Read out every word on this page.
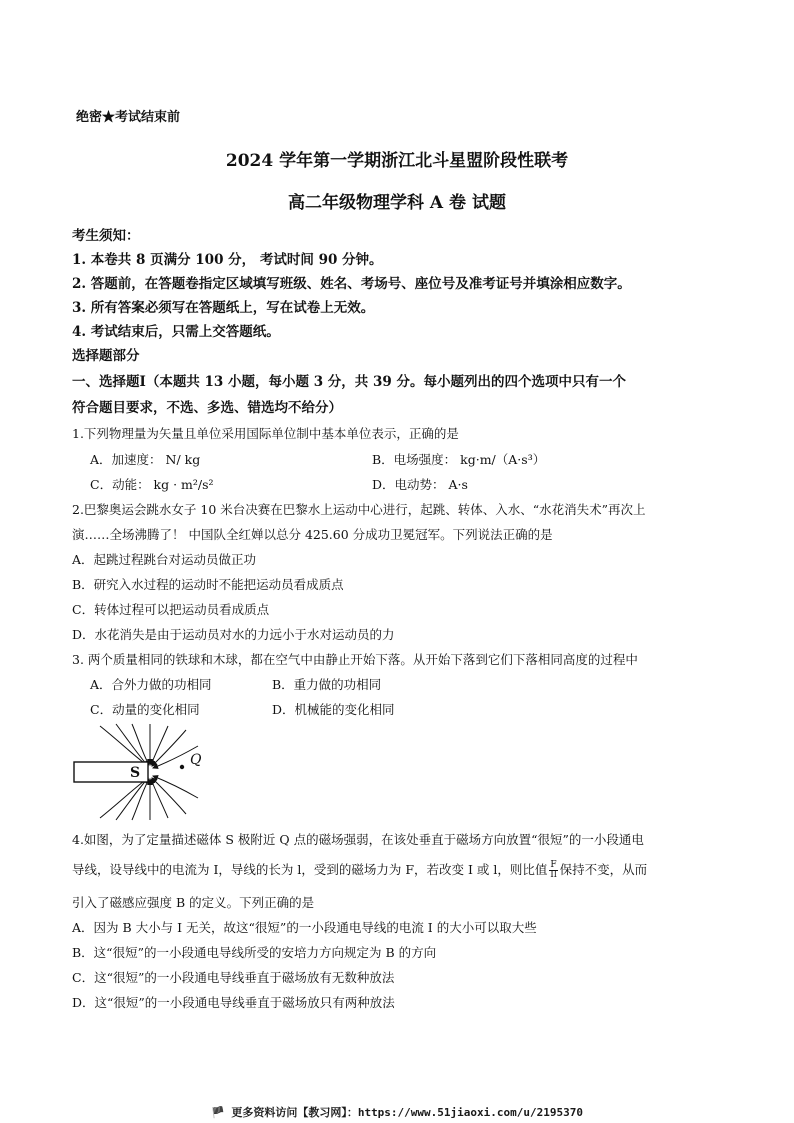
绝密★考试结束前
2024 学年第一学期浙江北斗星盟阶段性联考
高二年级物理学科 A 卷 试题
考生须知：
1. 本卷共 8 页满分 100 分， 考试时间 90 分钟。
2. 答题前，在答题卷指定区域填写班级、姓名、考场号、座位号及准考证号并填涂相应数字。
3. 所有答案必须写在答题纸上，写在试卷上无效。
4. 考试结束后，只需上交答题纸。
选择题部分
一、选择题Ⅰ（本题共 13 小题，每小题 3 分，共 39 分。每小题列出的四个选项中只有一个
符合题目要求，不选、多选、错选均不给分）
1.下列物理量为矢量且单位采用国际单位制中基本单位表示，正确的是
A．加速度： N/ kg	B．电场强度： kg·m/（A·s³）
C．动能： kg · m²/s²	D．电动势： A·s
2.巴黎奥运会跳水女子 10 米台决赛在巴黎水上运动中心进行，起跳、转体、入水、“水花消失术”再次上
演……全场沸腾了！ 中国队全红婵以总分 425.60 分成功卫冕冠军。下列说法正确的是
A．起跳过程跳台对运动员做正功
B．研究入水过程的运动时不能把运动员看成质点
C．转体过程可以把运动员看成质点
D．水花消失是由于运动员对水的力远小于水对运动员的力
3. 两个质量相同的铁球和木球，都在空气中由静止开始下落。从开始下落到它们下落相同高度的过程中
A．合外力做的功相同	B．重力做的功相同
C．动量的变化相同	D．机械能的变化相同
S
Q
4.如图，为了定量描述磁体 S 极附近 Q 点的磁场强弱，在该处垂直于磁场方向放置“很短”的一小段通电
导线，设导线中的电流为 I，导线的长为 l，受到的磁场力为 F，若改变 I 或 l，则比值 $\frac{F}{Il}$ 保持不变，从而
引入了磁感应强度 B 的定义。下列正确的是
A．因为 B 大小与 I 无关，故这“很短”的一小段通电导线的电流 I 的大小可以取大些
B．这“很短”的一小段通电导线所受的安培力方向规定为 B 的方向
C．这“很短”的一小段通电导线垂直于磁场放有无数种放法
D．这“很短”的一小段通电导线垂直于磁场放只有两种放法
🏴 更多资料访问【教习网】：https://www.51jiaoxi.com/u/2195370
